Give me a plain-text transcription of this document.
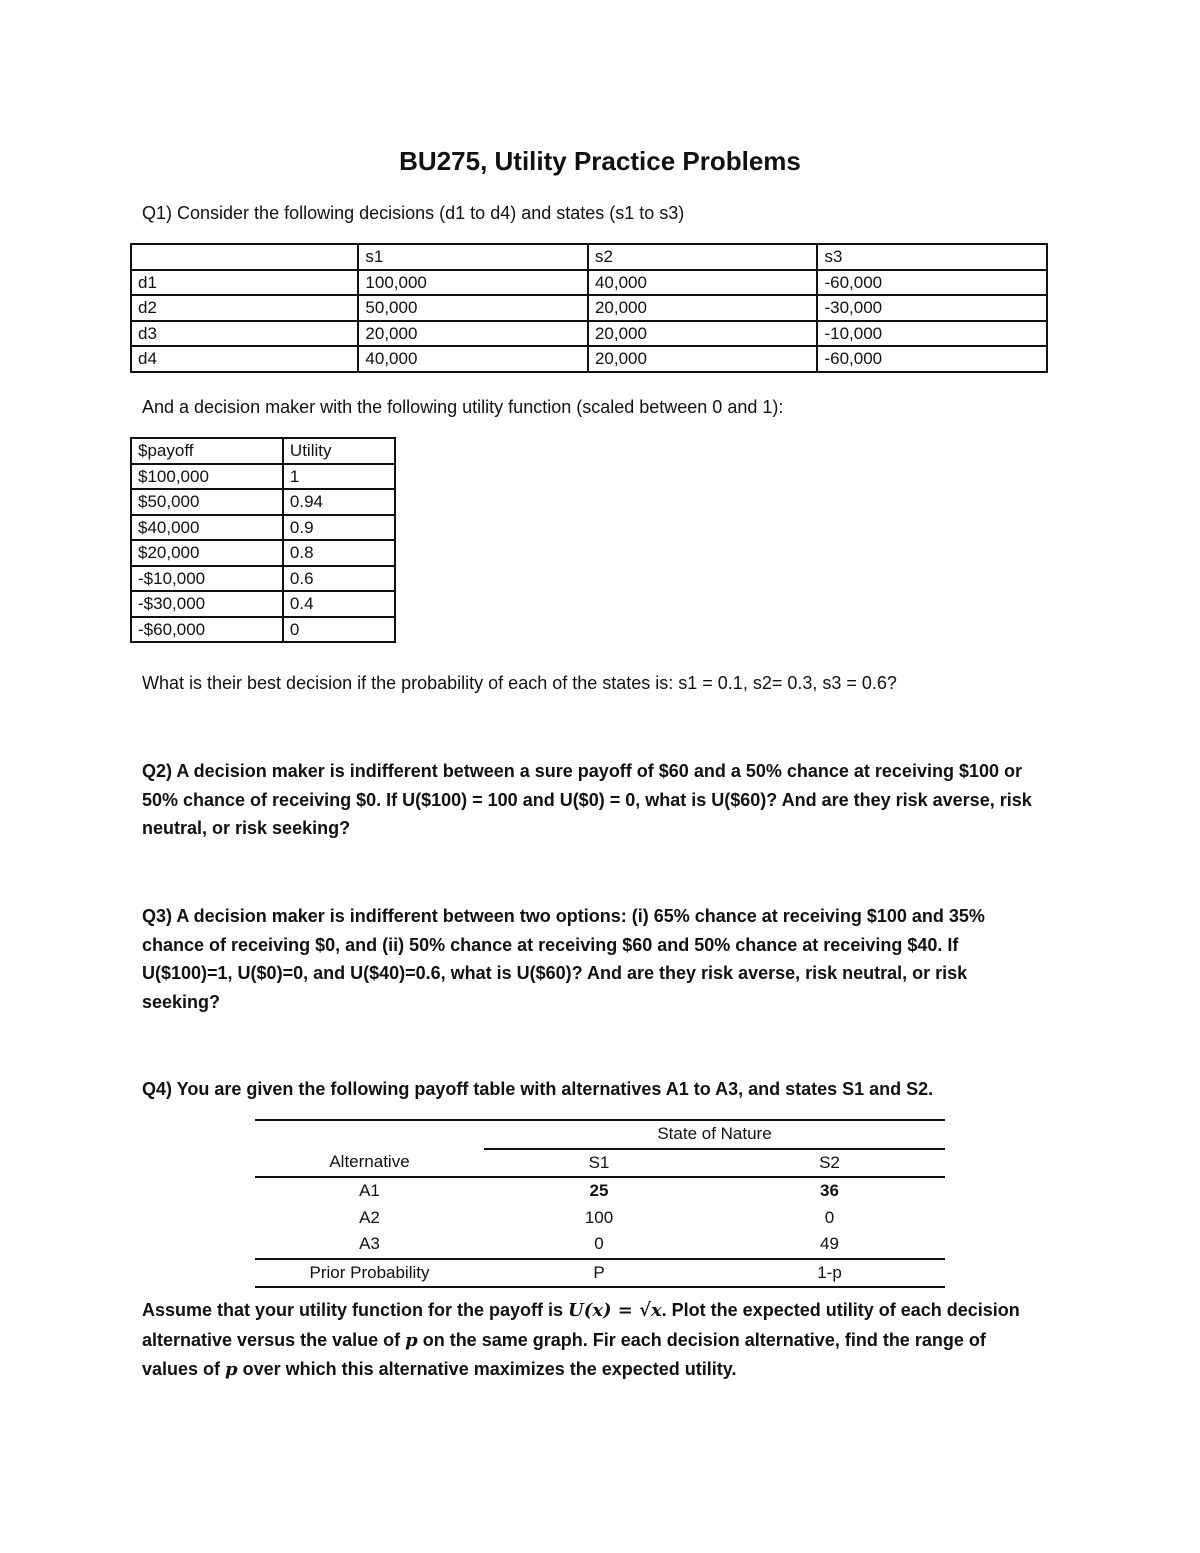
BU275, Utility Practice Problems
Q1) Consider the following decisions (d1 to d4) and states (s1 to s3)
	s1	s2	s3
d1	100,000	40,000	-60,000
d2	50,000	20,000	-30,000
d3	20,000	20,000	-10,000
d4	40,000	20,000	-60,000
And a decision maker with the following utility function (scaled between 0 and 1):
$payoff	Utility
$100,000	1
$50,000	0.94
$40,000	0.9
$20,000	0.8
-$10,000	0.6
-$30,000	0.4
-$60,000	0
What is their best decision if the probability of each of the states is: s1 = 0.1, s2= 0.3, s3 = 0.6?
Q2) A decision maker is indifferent between a sure payoff of $60 and a 50% chance at receiving $100 or
50% chance of receiving $0. If U($100) = 100 and U($0) = 0, what is U($60)? And are they risk averse, risk
neutral, or risk seeking?
Q3) A decision maker is indifferent between two options: (i) 65% chance at receiving $100 and 35%
chance of receiving $0, and (ii) 50% chance at receiving $60 and 50% chance at receiving $40. If
U($100)=1, U($0)=0, and U($40)=0.6, what is U($60)? And are they risk averse, risk neutral, or risk
seeking?
Q4) You are given the following payoff table with alternatives A1 to A3, and states S1 and S2.
	State of Nature	
Alternative	S1	S2
A1	25	36
A2	100	0
A3	0	49
Prior Probability	P	1-p
Assume that your utility function for the payoff is U(x) = √x. Plot the expected utility of each decision
alternative versus the value of p on the same graph. Fir each decision alternative, find the range of
values of p over which this alternative maximizes the expected utility.
